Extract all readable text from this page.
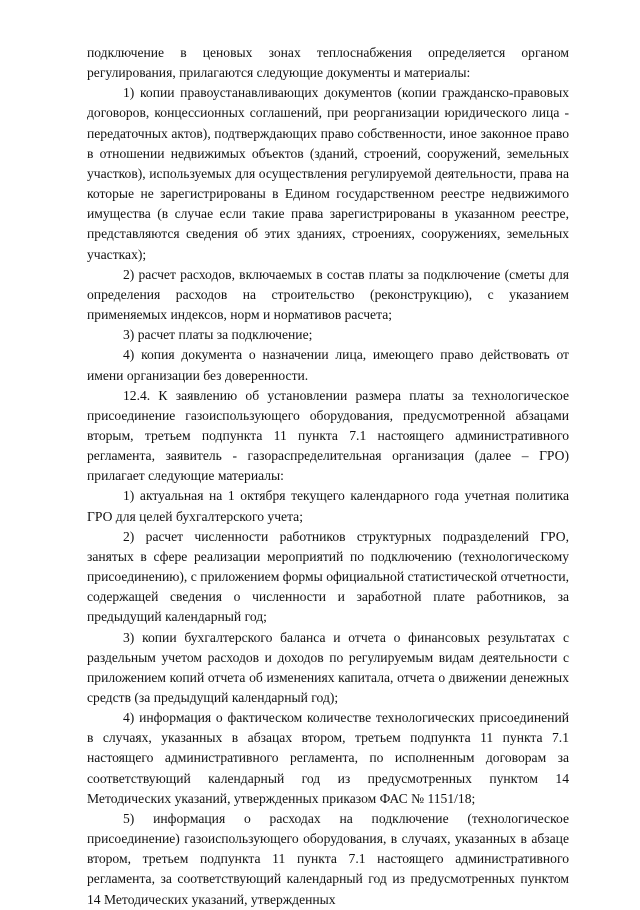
подключение в ценовых зонах теплоснабжения определяется органом регулирования, прилагаются следующие документы и материалы:

1) копии правоустанавливающих документов (копии гражданско-правовых договоров, концессионных соглашений, при реорганизации юридического лица - передаточных актов), подтверждающих право собственности, иное законное право в отношении недвижимых объектов (зданий, строений, сооружений, земельных участков), используемых для осуществления регулируемой деятельности, права на которые не зарегистрированы в Едином государственном реестре недвижимого имущества (в случае если такие права зарегистрированы в указанном реестре, представляются сведения об этих зданиях, строениях, сооружениях, земельных участках);

2) расчет расходов, включаемых в состав платы за подключение (сметы для определения расходов на строительство (реконструкцию), с указанием применяемых индексов, норм и нормативов расчета;

3) расчет платы за подключение;

4) копия документа о назначении лица, имеющего право действовать от имени организации без доверенности.

12.4. К заявлению об установлении размера платы за технологическое присоединение газоиспользующего оборудования, предусмотренной абзацами вторым, третьем подпункта 11 пункта 7.1 настоящего административного регламента, заявитель - газораспределительная организация (далее – ГРО) прилагает следующие материалы:

1) актуальная на 1 октября текущего календарного года учетная политика ГРО для целей бухгалтерского учета;

2) расчет численности работников структурных подразделений ГРО, занятых в сфере реализации мероприятий по подключению (технологическому присоединению), с приложением формы официальной статистической отчетности, содержащей сведения о численности и заработной плате работников, за предыдущий календарный год;

3) копии бухгалтерского баланса и отчета о финансовых результатах с раздельным учетом расходов и доходов по регулируемым видам деятельности с приложением копий отчета об изменениях капитала, отчета о движении денежных средств (за предыдущий календарный год);

4) информация о фактическом количестве технологических присоединений в случаях, указанных в абзацах втором, третьем подпункта 11 пункта 7.1 настоящего административного регламента, по исполненным договорам за соответствующий календарный год из предусмотренных пунктом 14 Методических указаний, утвержденных приказом ФАС № 1151/18;

5) информация о расходах на подключение (технологическое присоединение) газоиспользующего оборудования, в случаях, указанных в абзаце втором, третьем подпункта 11 пункта 7.1 настоящего административного регламента, за соответствующий календарный год из предусмотренных пунктом 14 Методических указаний, утвержденных
